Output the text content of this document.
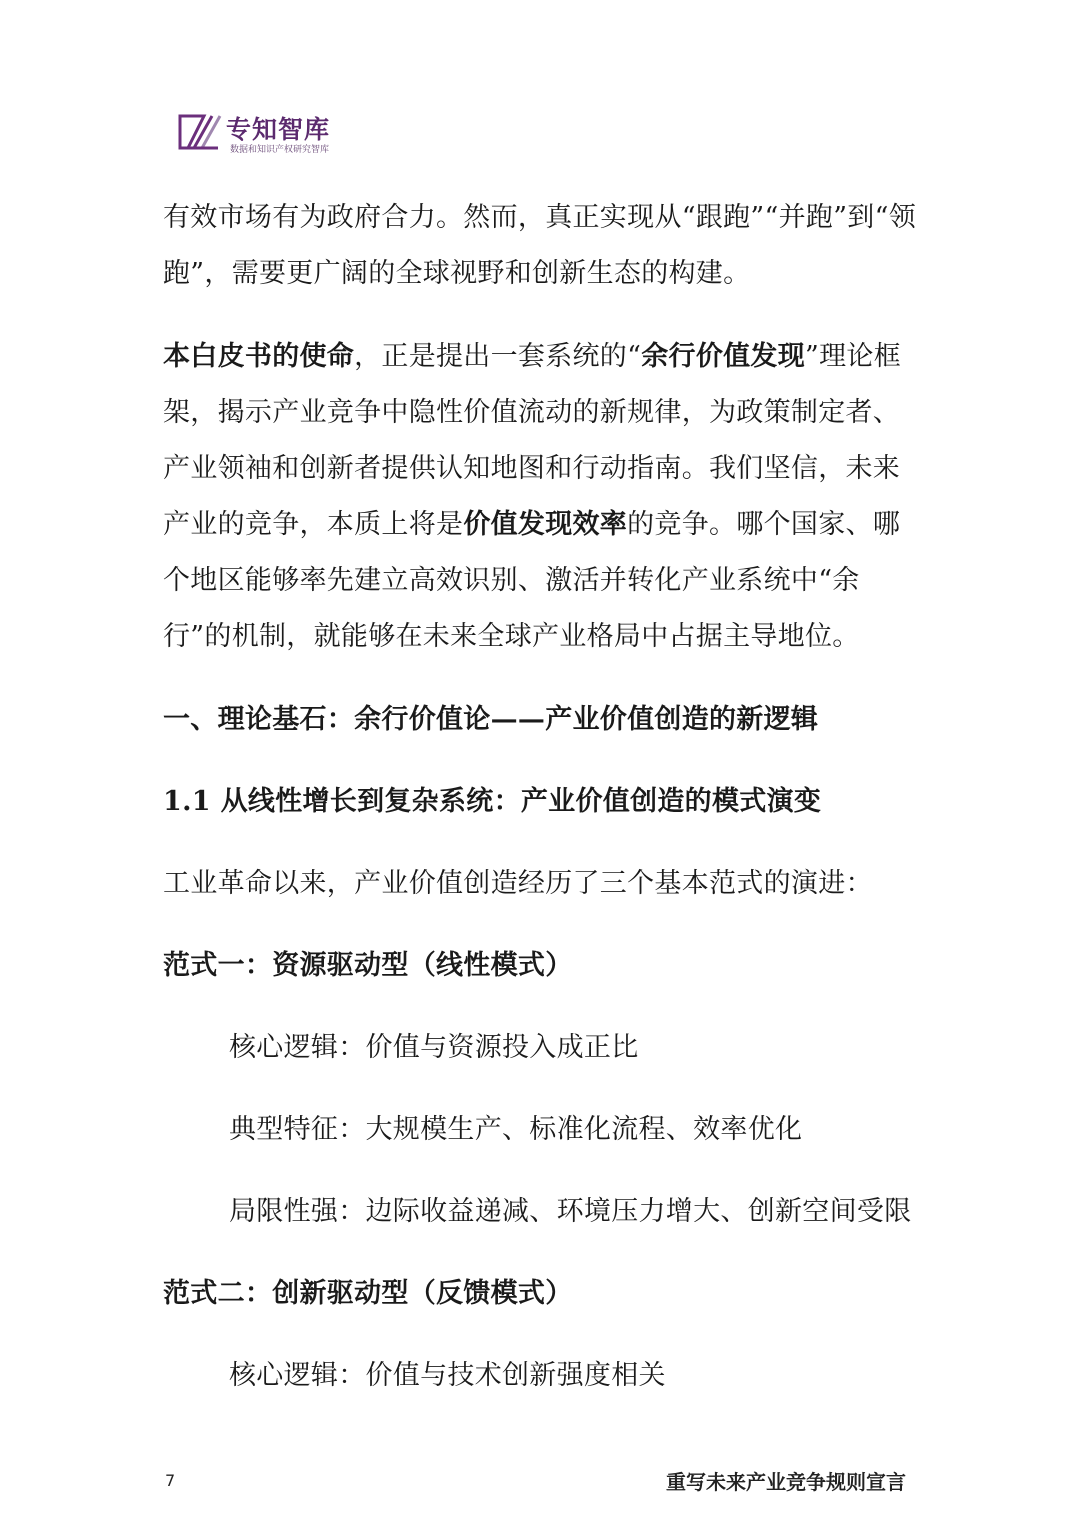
专知智库
数据和知识产权研究智库

有效市场有为政府合力。然而，真正实现从“跟跑”“并跑”到“领跑”，需要更广阔的全球视野和创新生态的构建。

本白皮书的使命，正是提出一套系统的“余行价值发现”理论框架，揭示产业竞争中隐性价值流动的新规律，为政策制定者、产业领袖和创新者提供认知地图和行动指南。我们坚信，未来产业的竞争，本质上将是价值发现效率的竞争。哪个国家、哪个地区能够率先建立高效识别、激活并转化产业系统中“余行”的机制，就能够在未来全球产业格局中占据主导地位。

一、理论基石：余行价值论——产业价值创造的新逻辑

1.1 从线性增长到复杂系统：产业价值创造的模式演变

工业革命以来，产业价值创造经历了三个基本范式的演进：

范式一：资源驱动型（线性模式）

核心逻辑：价值与资源投入成正比

典型特征：大规模生产、标准化流程、效率优化

局限性强：边际收益递减、环境压力增大、创新空间受限

范式二：创新驱动型（反馈模式）

核心逻辑：价值与技术创新强度相关

7	重写未来产业竞争规则宣言
